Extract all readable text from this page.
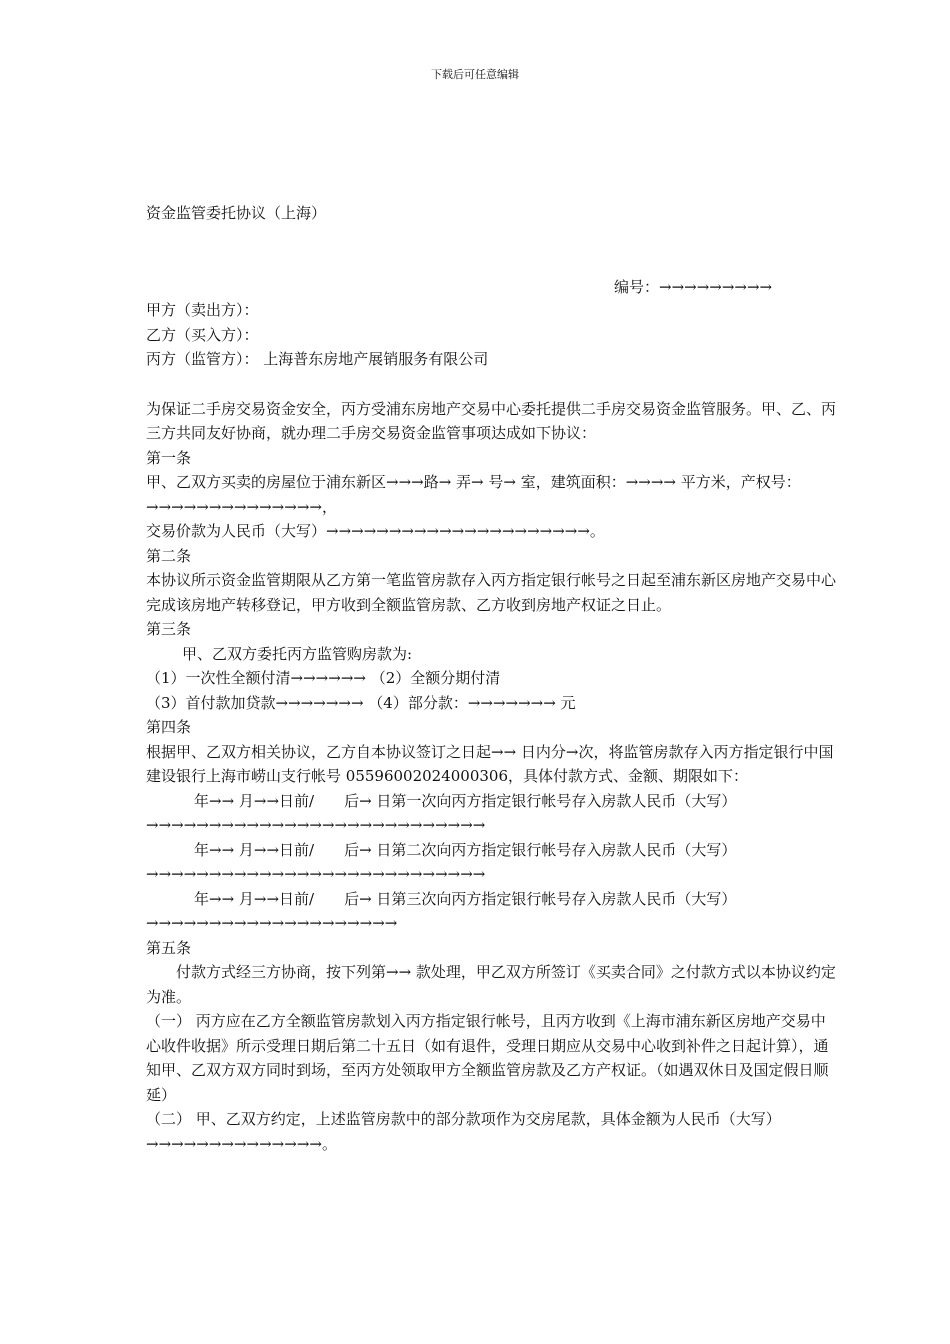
下载后可任意编辑
资金监管委托协议（上海）
编号：→→→→→→→→→

甲方（卖出方）：

乙方（买入方）：

丙方（监管方）： 上海普东房地产展销服务有限公司

为保证二手房交易资金安全，丙方受浦东房地产交易中心委托提供二手房交易资金监管服务。甲、乙、丙三方共同友好协商，就办理二手房交易资金监管事项达成如下协议：

第一条

甲、乙双方买卖的房屋位于浦东新区→→→路→ 弄→ 号→ 室，建筑面积：→→→→ 平方米，产权号：→→→→→→→→→→→→→→，

交易价款为人民币（大写）→→→→→→→→→→→→→→→→→→→→→。

第二条

本协议所示资金监管期限从乙方第一笔监管房款存入丙方指定银行帐号之日起至浦东新区房地产交易中心完成该房地产转移登记，甲方收到全额监管房款、乙方收到房地产权证之日止。

第三条

甲、乙双方委托丙方监管购房款为:

（1）一次性全额付清→→→→→→ （2）全额分期付清

（3）首付款加贷款→→→→→→→ （4）部分款：→→→→→→→ 元

第四条

根据甲、乙双方相关协议，乙方自本协议签订之日起→→ 日内分→次，将监管房款存入丙方指定银行中国建设银行上海市崂山支行帐号 05596002024000306，具体付款方式、金额、期限如下：

年→→ 月→→日前/　　后→ 日第一次向丙方指定银行帐号存入房款人民币（大写）→→→→→→→→→→→→→→→→→→→→→→→→→→→

年→→ 月→→日前/　　后→ 日第二次向丙方指定银行帐号存入房款人民币（大写）→→→→→→→→→→→→→→→→→→→→→→→→→→→

年→→ 月→→日前/　　后→ 日第三次向丙方指定银行帐号存入房款人民币（大写）→→→→→→→→→→→→→→→→→→→→

第五条

付款方式经三方协商，按下列第→→ 款处理，甲乙双方所签订《买卖合同》之付款方式以本协议约定为准。

（一） 丙方应在乙方全额监管房款划入丙方指定银行帐号，且丙方收到《上海市浦东新区房地产交易中心收件收据》所示受理日期后第二十五日（如有退件，受理日期应从交易中心收到补件之日起计算），通知甲、乙双方双方同时到场，至丙方处领取甲方全额监管房款及乙方产权证。（如遇双休日及国定假日顺延）

（二） 甲、乙双方约定，上述监管房款中的部分款项作为交房尾款，具体金额为人民币（大写）→→→→→→→→→→→→→→。
